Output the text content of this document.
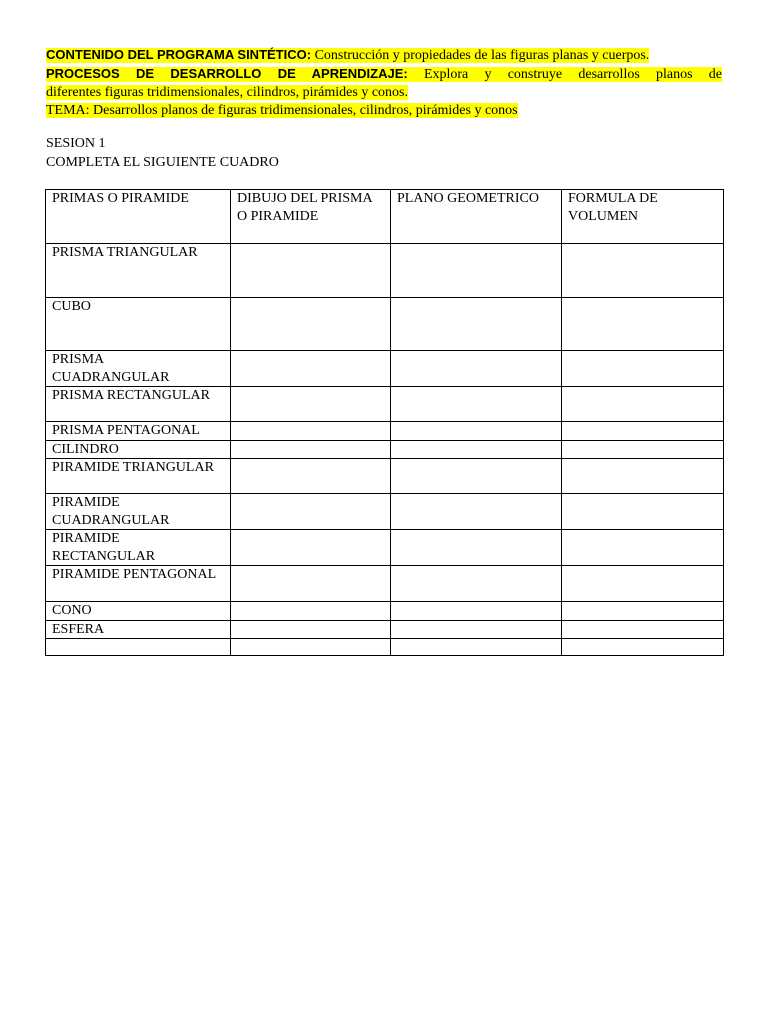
CONTENIDO DEL PROGRAMA SINTÉTICO: Construcción y propiedades de las figuras planas y cuerpos.
PROCESOS DE DESARROLLO DE APRENDIZAJE: Explora y construye desarrollos planos de
diferentes figuras tridimensionales, cilindros, pirámides y conos.
TEMA: Desarrollos planos de figuras tridimensionales, cilindros, pirámides y conos
SESION 1
COMPLETA EL SIGUIENTE CUADRO
PRIMAS O PIRAMIDE	DIBUJO DEL PRISMA O PIRAMIDE	PLANO GEOMETRICO	FORMULA DE VOLUMEN
PRISMA TRIANGULAR			
CUBO			
PRISMA CUADRANGULAR			
PRISMA RECTANGULAR			
PRISMA PENTAGONAL			
CILINDRO			
PIRAMIDE TRIANGULAR			
PIRAMIDE CUADRANGULAR			
PIRAMIDE RECTANGULAR			
PIRAMIDE PENTAGONAL			
CONO			
ESFERA			
